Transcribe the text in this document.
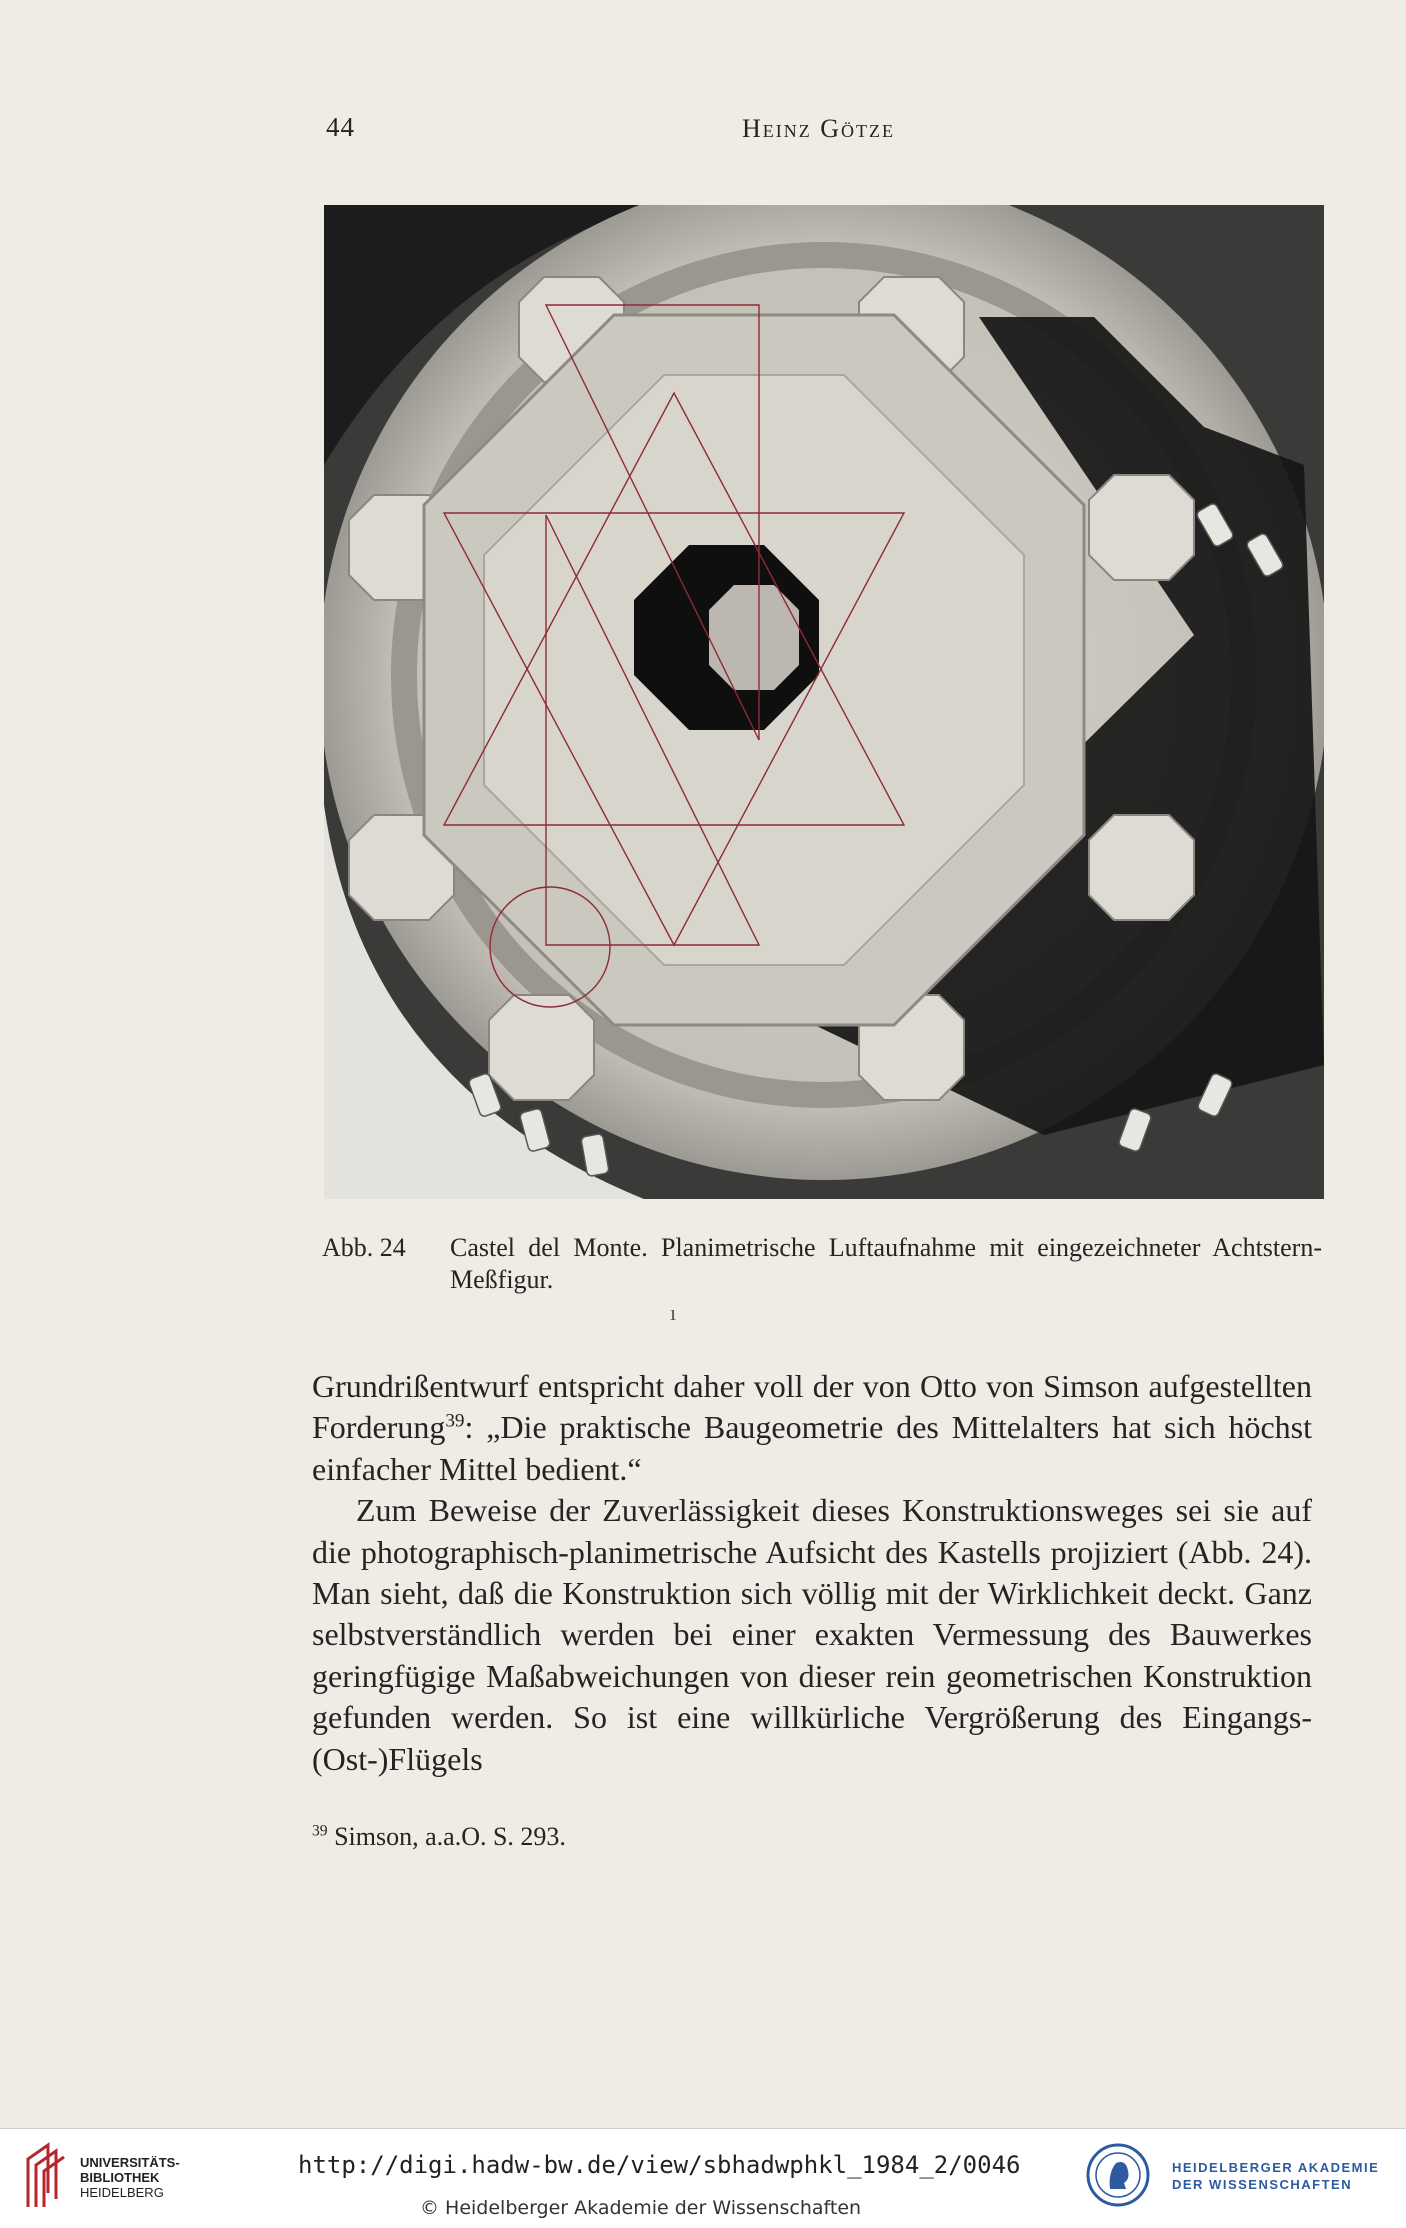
44	Heinz Götze
Abb. 24 Castel del Monte. Planimetrische Luftaufnahme mit eingezeichneter Achtstern-Meßfigur.
ı

Grundrißentwurf entspricht daher voll der von Otto von Simson aufgestellten Forderung$^{39}$: „Die praktische Baugeometrie des Mittelalters hat sich höchst einfacher Mittel bedient.“

Zum Beweise der Zuverlässigkeit dieses Konstruktionsweges sei sie auf die photographisch-planimetrische Aufsicht des Kastells projiziert (Abb. 24). Man sieht, daß die Konstruktion sich völlig mit der Wirklichkeit deckt. Ganz selbstverständlich werden bei einer exakten Vermessung des Bauwerkes geringfügige Maßabweichungen von dieser rein geometrischen Konstruktion gefunden werden. So ist eine willkürliche Vergrößerung des Eingangs-(Ost-)Flügels

$^{39}$ Simson, a.a.O. S. 293.
UNIVERSITÄTS-
BIBLIOTHEK
HEIDELBERG
http://digi.hadw-bw.de/view/sbhadwphkl_1984_2/0046
© Heidelberger Akademie der Wissenschaften
HEIDELBERGER AKADEMIE
DER WISSENSCHAFTEN
